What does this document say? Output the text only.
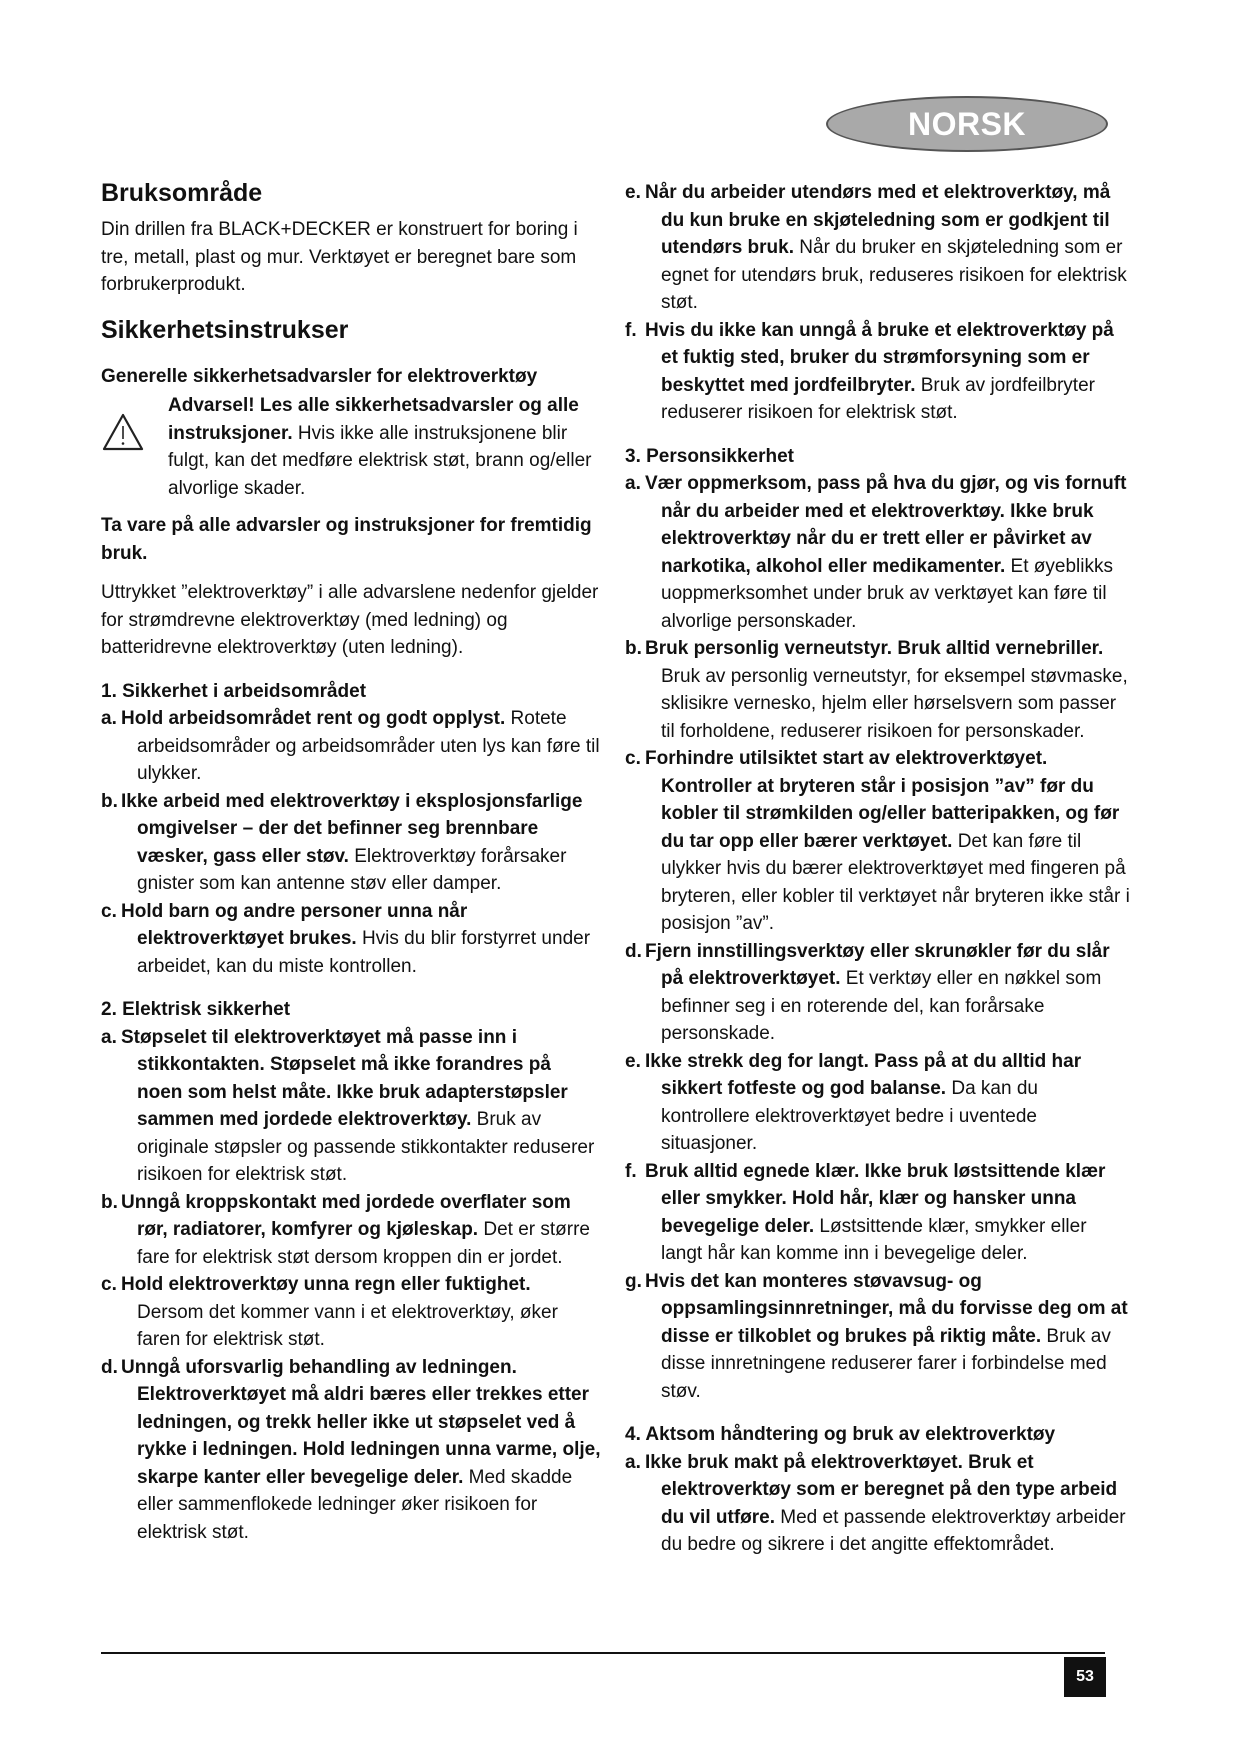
NORSK
Bruksområde

Din drillen fra BLACK+DECKER er konstruert for boring i tre, metall, plast og mur. Verktøyet er beregnet bare som forbrukerprodukt.

Sikkerhetsinstrukser
Generelle sikkerhetsadvarsler for elektroverktøy
Advarsel! Les alle sikkerhetsadvarsler og alle instruksjoner. Hvis ikke alle instruksjonene blir fulgt, kan det medføre elektrisk støt, brann og/eller alvorlige skader.

Ta vare på alle advarsler og instruksjoner for fremtidig bruk.

Uttrykket ”elektroverktøy” i alle advarslene nedenfor gjelder for strømdrevne elektroverktøy (med ledning) og batteridrevne elektroverktøy (uten ledning).

1. Sikkerhet i arbeidsområdet

a. Hold arbeidsområdet rent og godt opplyst. Rotete arbeidsområder og arbeidsområder uten lys kan føre til ulykker.

b. Ikke arbeid med elektroverktøy i eksplosjonsfarlige omgivelser – der det befinner seg brennbare væsker, gass eller støv. Elektroverktøy forårsaker gnister som kan antenne støv eller damper.

c. Hold barn og andre personer unna når elektroverktøyet brukes. Hvis du blir forstyrret under arbeidet, kan du miste kontrollen.

2. Elektrisk sikkerhet

a. Støpselet til elektroverktøyet må passe inn i stikkontakten. Støpselet må ikke forandres på noen som helst måte. Ikke bruk adapterstøpsler sammen med jordede elektroverktøy. Bruk av originale støpsler og passende stikkontakter reduserer risikoen for elektrisk støt.

b. Unngå kroppskontakt med jordede overflater som rør, radiatorer, komfyrer og kjøleskap. Det er større fare for elektrisk støt dersom kroppen din er jordet.

c. Hold elektroverktøy unna regn eller fuktighet. Dersom det kommer vann i et elektroverktøy, øker faren for elektrisk støt.

d. Unngå uforsvarlig behandling av ledningen. Elektroverktøyet må aldri bæres eller trekkes etter ledningen, og trekk heller ikke ut støpselet ved å rykke i ledningen. Hold ledningen unna varme, olje, skarpe kanter eller bevegelige deler. Med skadde eller sammenflokede ledninger øker risikoen for elektrisk støt.

e. Når du arbeider utendørs med et elektroverktøy, må du kun bruke en skjøteledning som er godkjent til utendørs bruk. Når du bruker en skjøteledning som er egnet for utendørs bruk, reduseres risikoen for elektrisk støt.

f. Hvis du ikke kan unngå å bruke et elektroverktøy på et fuktig sted, bruker du strømforsyning som er beskyttet med jordfeilbryter. Bruk av jordfeilbryter reduserer risikoen for elektrisk støt.

3. Personsikkerhet

a. Vær oppmerksom, pass på hva du gjør, og vis fornuft når du arbeider med et elektroverktøy. Ikke bruk elektroverktøy når du er trett eller er påvirket av narkotika, alkohol eller medikamenter. Et øyeblikks uoppmerksomhet under bruk av verktøyet kan føre til alvorlige personskader.

b. Bruk personlig verneutstyr. Bruk alltid vernebriller. Bruk av personlig verneutstyr, for eksempel støvmaske, sklisikre vernesko, hjelm eller hørselsvern som passer til forholdene, reduserer risikoen for personskader.

c. Forhindre utilsiktet start av elektroverktøyet. Kontroller at bryteren står i posisjon ”av” før du kobler til strømkilden og/eller batteripakken, og før du tar opp eller bærer verktøyet. Det kan føre til ulykker hvis du bærer elektroverktøyet med fingeren på bryteren, eller kobler til verktøyet når bryteren ikke står i posisjon ”av”.

d. Fjern innstillingsverktøy eller skrunøkler før du slår på elektroverktøyet. Et verktøy eller en nøkkel som befinner seg i en roterende del, kan forårsake personskade.

e. Ikke strekk deg for langt. Pass på at du alltid har sikkert fotfeste og god balanse. Da kan du kontrollere elektroverktøyet bedre i uventede situasjoner.

f. Bruk alltid egnede klær. Ikke bruk løstsittende klær eller smykker. Hold hår, klær og hansker unna bevegelige deler. Løstsittende klær, smykker eller langt hår kan komme inn i bevegelige deler.

g. Hvis det kan monteres støvavsug- og oppsamlingsinnretninger, må du forvisse deg om at disse er tilkoblet og brukes på riktig måte. Bruk av disse innretningene reduserer farer i forbindelse med støv.

4. Aktsom håndtering og bruk av elektroverktøy

a. Ikke bruk makt på elektroverktøyet. Bruk et elektroverktøy som er beregnet på den type arbeid du vil utføre. Med et passende elektroverktøy arbeider du bedre og sikrere i det angitte effektområdet.

53
